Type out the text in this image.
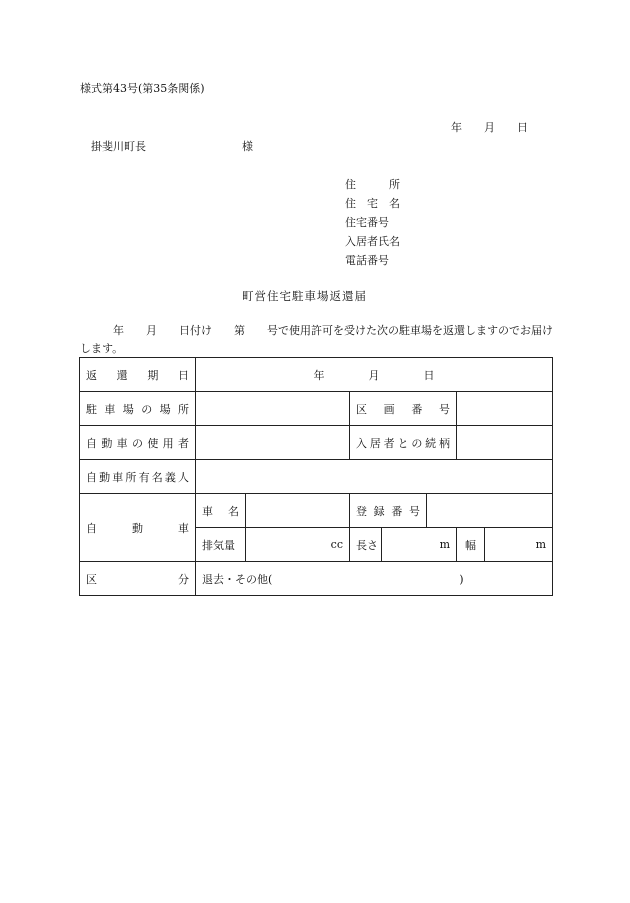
様式第43号(第35条関係)
年　　月　　日
掛斐川町長	様
住　　　所
住　宅　名
住宅番号
入居者氏名
電話番号
町営住宅駐車場返還届
　　　年　　月　　日付け　　第　　号で使用許可を受けた次の駐車場を返還しますのでお届けします。
返還期日	年　　　　月　　　　日						
駐車場の場所			区画番号				
自動車の使用者			入居者との続柄				
自動車所有名義人							
自動車	車名		登録番号				
	排気量	cc	長さ	m		幅	m
区分	退去・その他(　　　　　　　　　　　　　　　　　)						
